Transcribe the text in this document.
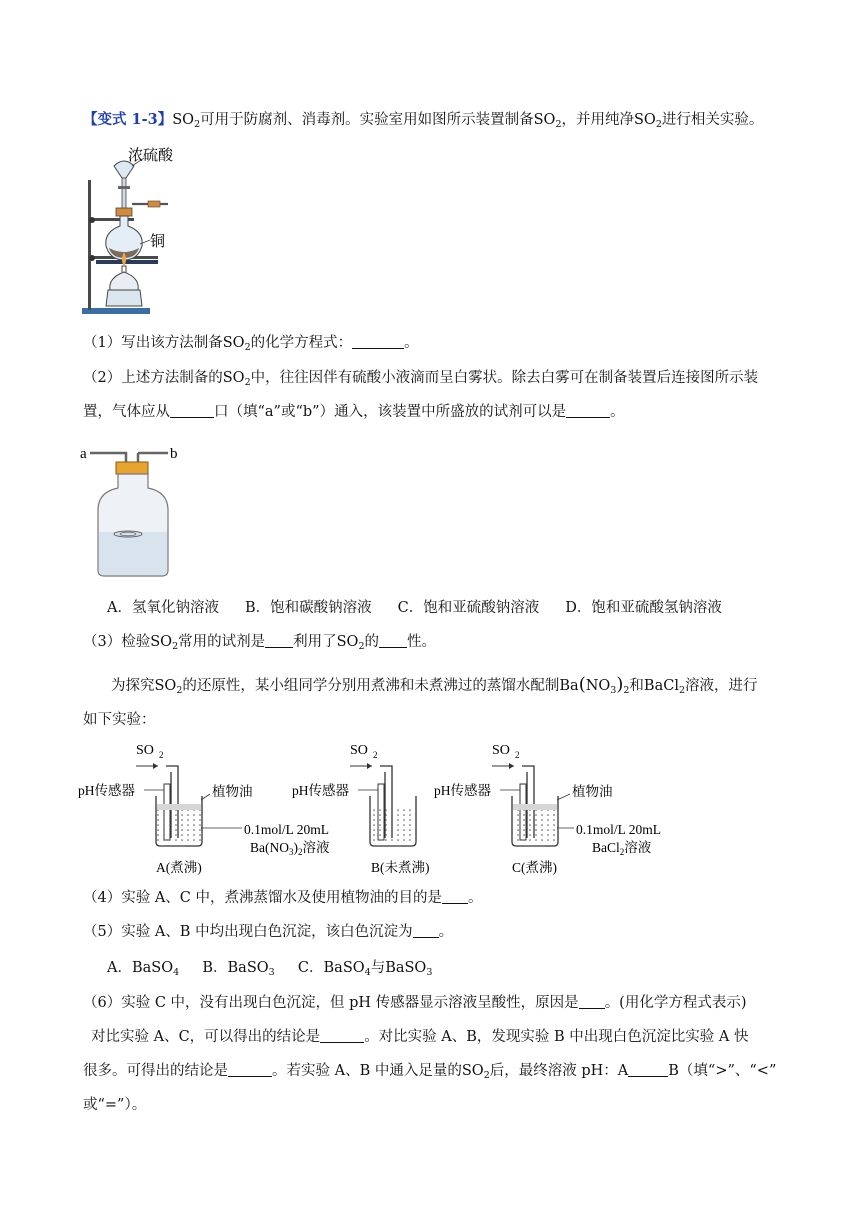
【变式 1-3】$SO_2$可用于防腐剂、消毒剂。实验室用如图所示装置制备$SO_2$，并用纯净$SO_2$进行相关实验。
浓硫酸
铜
（1）写出该方法制备$SO_2$的化学方程式：	。
（2）上述方法制备的$SO_2$中，往往因伴有硫酸小液滴而呈白雾状。除去白雾可在制备装置后连接图所示装
置，气体应从	口（填“a”或“b”）通入，该装置中所盛放的试剂可以是	。
a	b
A．氢氧化钠溶液 B．饱和碳酸钠溶液 C．饱和亚硫酸钠溶液 D．饱和亚硫酸氢钠溶液
（3）检验$SO_2$常用的试剂是 利用了$SO_2$的 性。
为探究$SO_2$的还原性，某小组同学分别用煮沸和未煮沸过的蒸馏水配制$Ba(NO_3)_2$和BaCl$_2$溶液，进行
如下实验：
SO 2
pH传感器	植物油
0.1mol/L 20mL
$Ba(NO_3)_2$溶液
A(煮沸)
SO 2
pH传感器
B(未煮沸)
SO 2
pH传感器	植物油
0.1mol/L 20mL
BaCl$_2$溶液
C(煮沸)
（4）实验 A、C 中，煮沸蒸馏水及使用植物油的目的是 。
（5）实验 A、B 中均出现白色沉淀，该白色沉淀为 。
A．BaSO$_4$ B．BaSO$_3$ C．BaSO$_4$与BaSO$_3$
（6）实验 C 中，没有出现白色沉淀，但 pH 传感器显示溶液呈酸性，原因是 。(用化学方程式表示)
对比实验 A、C，可以得出的结论是	。对比实验 A、B，发现实验 B 中出现白色沉淀比实验 A 快
很多。可得出的结论是	。若实验 A、B 中通入足量的$SO_2$后，最终溶液 pH：A	B（填“>”、“<”
或“=”）。
